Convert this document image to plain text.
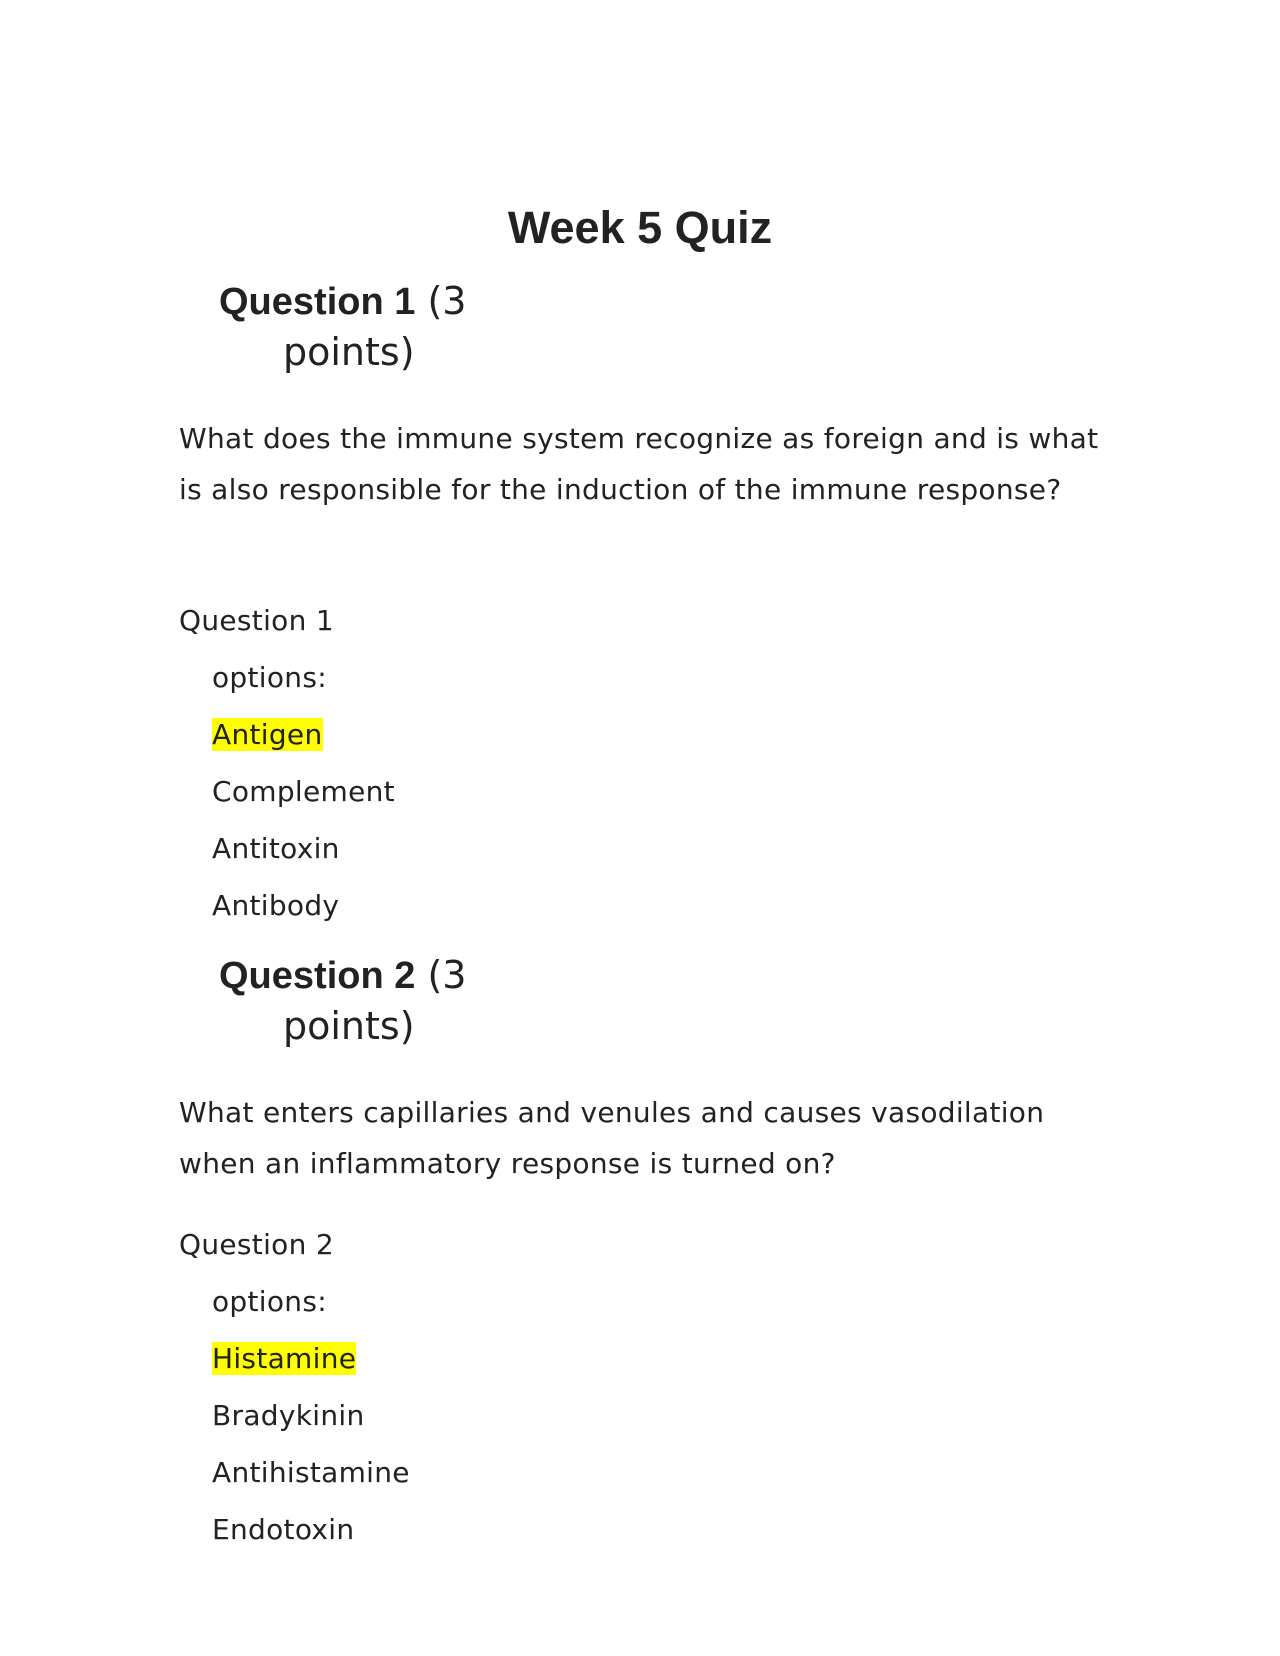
Week 5 Quiz
Question 1 (3
points)

What does the immune system recognize as foreign and is what is also responsible for the induction of the immune response?

Question 1

options:

Antigen

Complement

Antitoxin

Antibody

Question 2 (3
points)

What enters capillaries and venules and causes vasodilation when an inflammatory response is turned on?

Question 2

options:

Histamine

Bradykinin

Antihistamine

Endotoxin
